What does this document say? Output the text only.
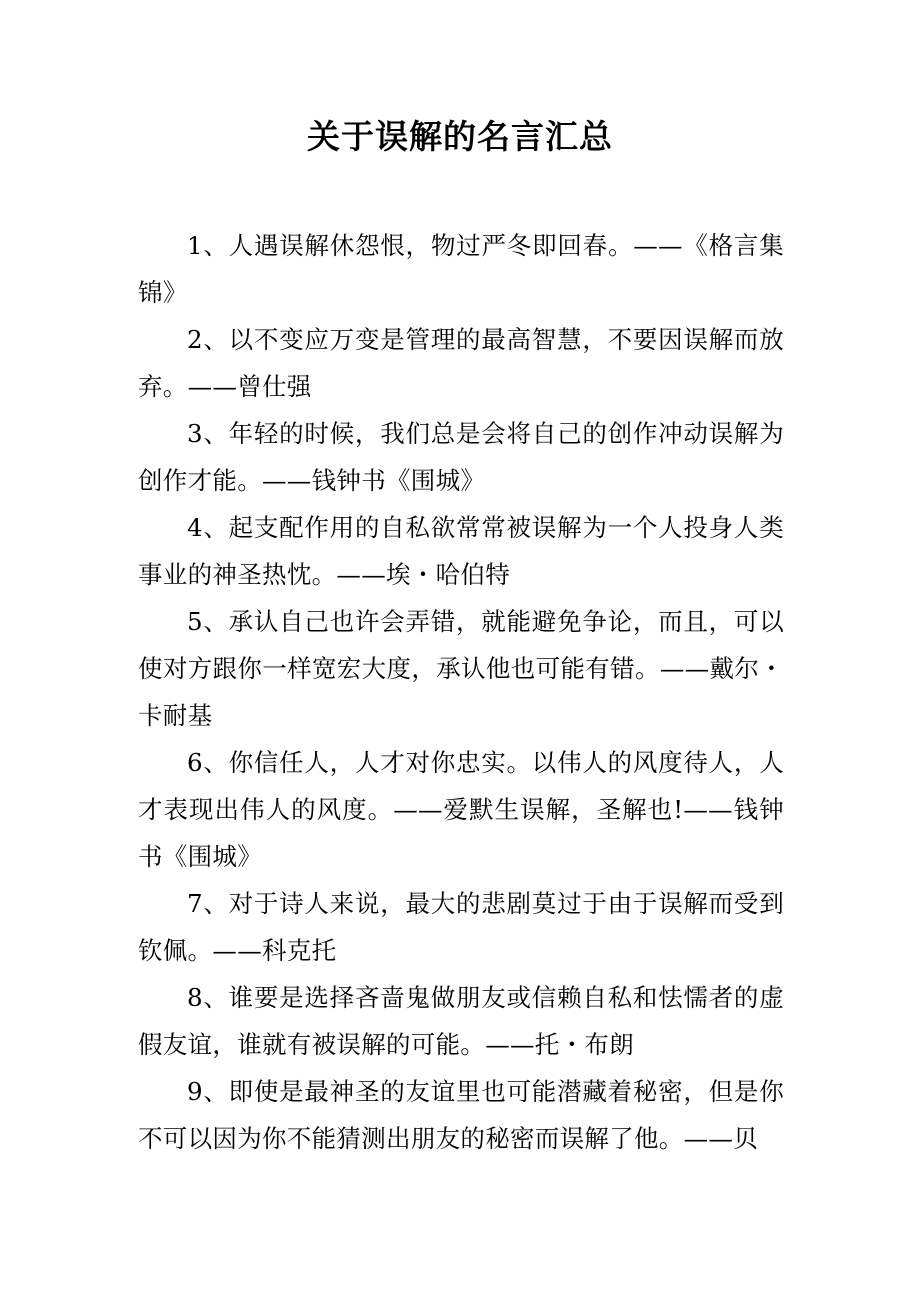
关于误解的名言汇总

1、人遇误解休怨恨，物过严冬即回春。——《格言集锦》

2、以不变应万变是管理的最高智慧，不要因误解而放弃。——曾仕强

3、年轻的时候，我们总是会将自己的创作冲动误解为创作才能。——钱钟书《围城》

4、起支配作用的自私欲常常被误解为一个人投身人类事业的神圣热忱。——埃・哈伯特

5、承认自己也许会弄错，就能避免争论，而且，可以使对方跟你一样宽宏大度，承认他也可能有错。——戴尔・卡耐基

6、你信任人，人才对你忠实。以伟人的风度待人，人才表现出伟人的风度。——爱默生误解，圣解也!——钱钟书《围城》

7、对于诗人来说，最大的悲剧莫过于由于误解而受到钦佩。——科克托

8、谁要是选择吝啬鬼做朋友或信赖自私和怯懦者的虚假友谊，谁就有被误解的可能。——托・布朗

9、即使是最神圣的友谊里也可能潜藏着秘密，但是你不可以因为你不能猜测出朋友的秘密而误解了他。——贝
